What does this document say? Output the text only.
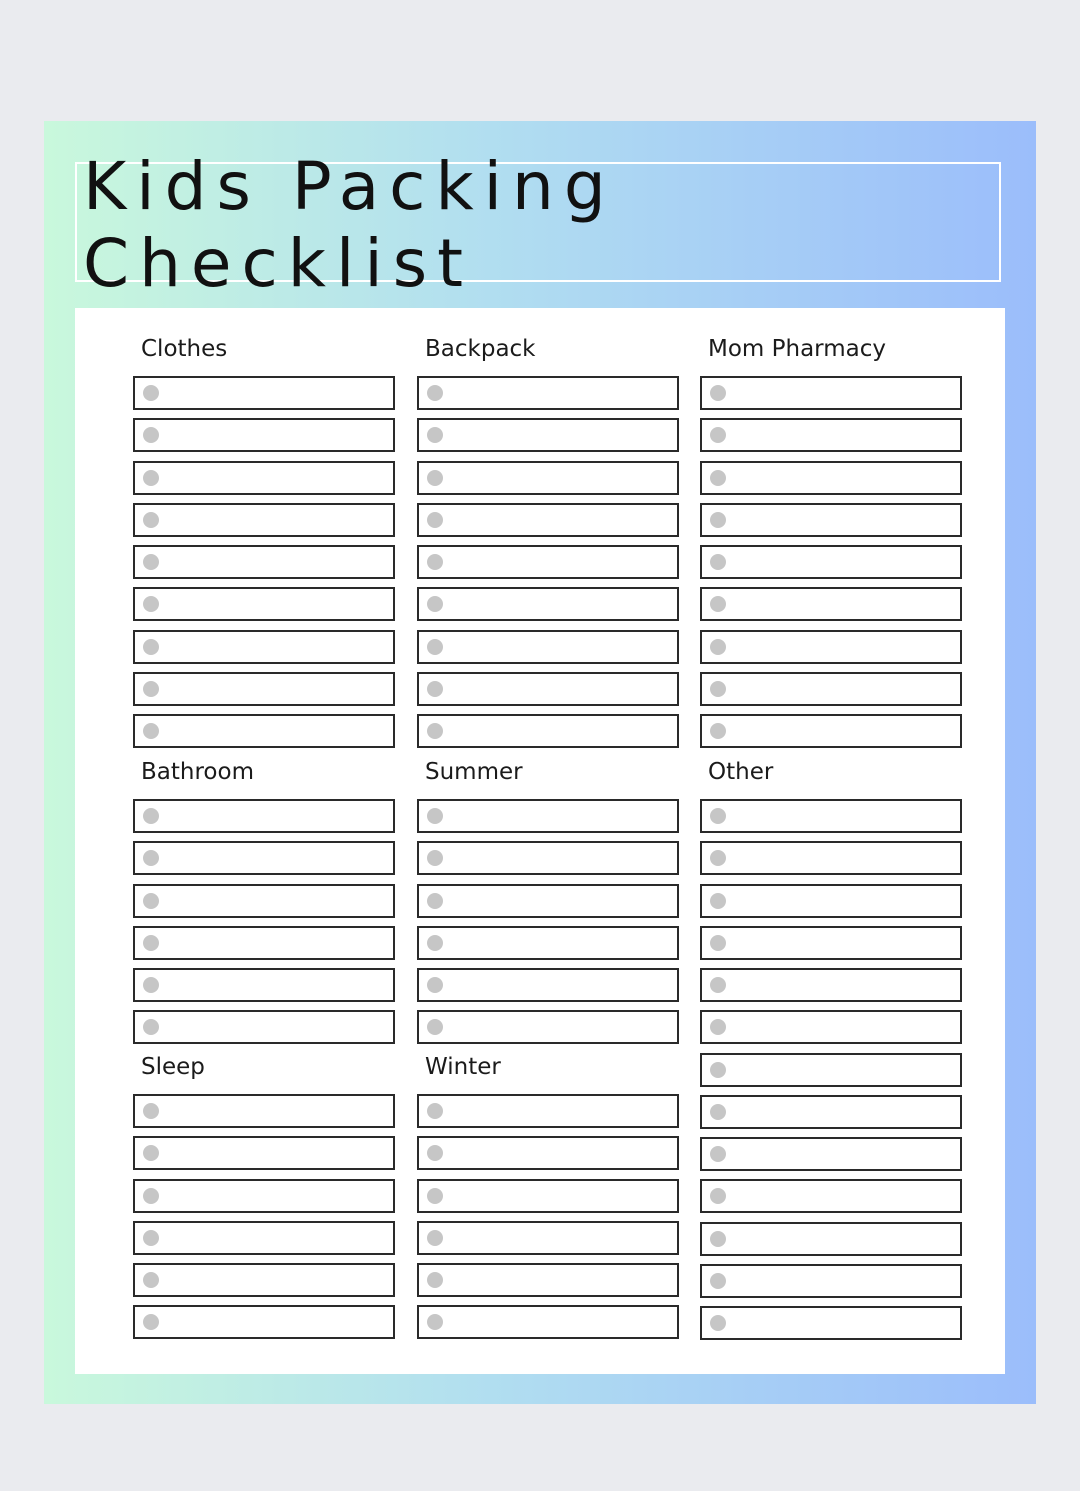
Kids Packing Checklist
Clothes	Backpack	Mom Pharmacy
Bathroom	Summer	Other
Sleep	Winter
